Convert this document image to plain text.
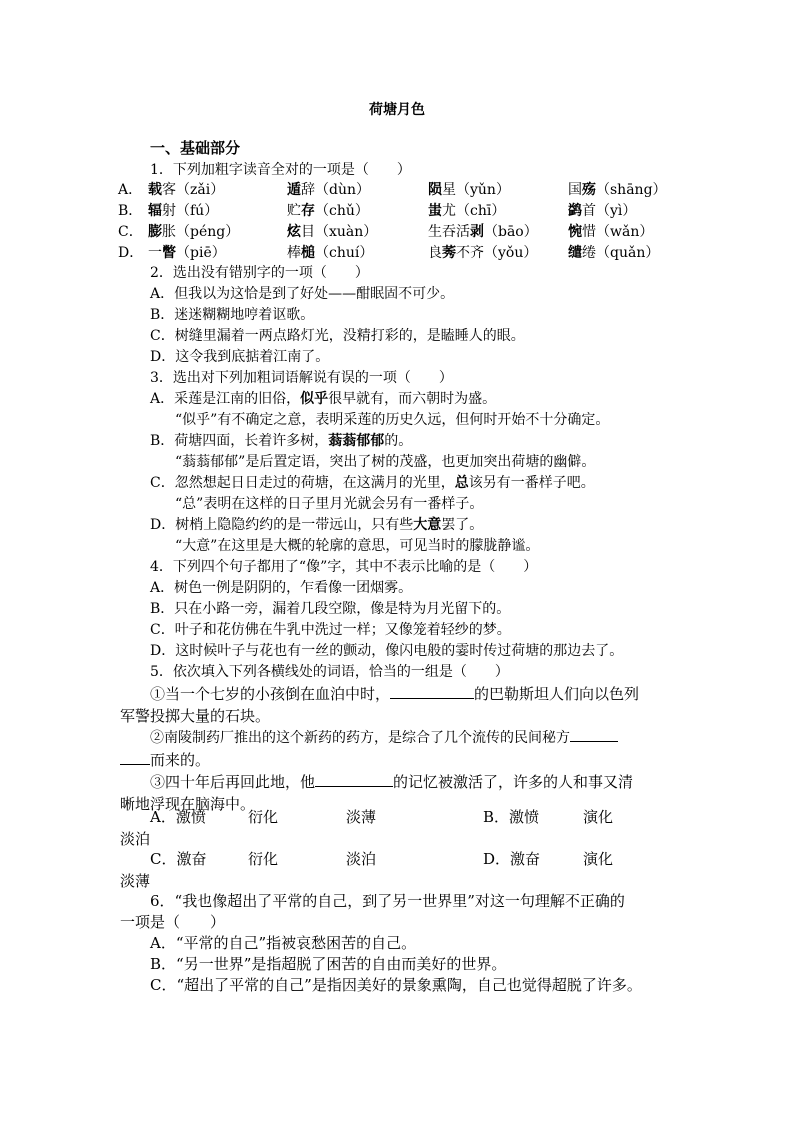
荷塘月色
一、基础部分
1．下列加粗字读音全对的一项是（　　）
A． 载客（zǎi）	遁辞（dùn）	陨星（yǔn）	国殇（shāng）
B． 辐射（fú）	贮存（chǔ）	蚩尤（chī）	鹢首（yì）
C． 膨胀（péng）	炫目（xuàn）	生吞活剥（bāo） 惋惜（wǎn）
D． 一瞥（piē）	棒槌（chuí）	良莠不齐（yǒu） 缱绻（quǎn）
2．选出没有错别字的一项（　　）
A．但我以为这恰是到了好处——酣眠固不可少。
B．迷迷糊糊地哼着讴歌。
C．树缝里漏着一两点路灯光，没精打彩的，是瞌睡人的眼。
D．这令我到底掂着江南了。
3．选出对下列加粗词语解说有误的一项（　　）
A．采莲是江南的旧俗，似乎很早就有，而六朝时为盛。
“似乎”有不确定之意，表明采莲的历史久远，但何时开始不十分确定。
B．荷塘四面，长着许多树，蓊蓊郁郁的。
“蓊蓊郁郁”是后置定语，突出了树的茂盛，也更加突出荷塘的幽僻。
C．忽然想起日日走过的荷塘，在这满月的光里，总该另有一番样子吧。
“总”表明在这样的日子里月光就会另有一番样子。
D．树梢上隐隐约约的是一带远山，只有些大意罢了。
“大意”在这里是大概的轮廓的意思，可见当时的朦胧静谧。
4．下列四个句子都用了“像”字，其中不表示比喻的是（　　）
A．树色一例是阴阴的，乍看像一团烟雾。
B．只在小路一旁，漏着几段空隙，像是特为月光留下的。
C．叶子和花仿佛在牛乳中洗过一样；又像笼着轻纱的梦。
D．这时候叶子与花也有一丝的颤动，像闪电般的霎时传过荷塘的那边去了。
5．依次填入下列各横线处的词语，恰当的一组是（　　）
①当一个七岁的小孩倒在血泊中时，	的巴勒斯坦人们向以色列
军警投掷大量的石块。
②南陵制药厂推出的这个新药的药方，是综合了几个流传的民间秘方
而来的。
③四十年后再回此地，他	的记忆被激活了，许多的人和事又清
晰地浮现在脑海中。
A．激愤	衍化	淡薄	B．激愤	演化
淡泊
C．激奋	衍化	淡泊	D．激奋	演化
淡薄
6．“我也像超出了平常的自己，到了另一世界里”对这一句理解不正确的
一项是（　　）
A．“平常的自己”指被哀愁困苦的自己。
B．“另一世界”是指超脱了困苦的自由而美好的世界。
C．“超出了平常的自己”是指因美好的景象熏陶，自己也觉得超脱了许多。
